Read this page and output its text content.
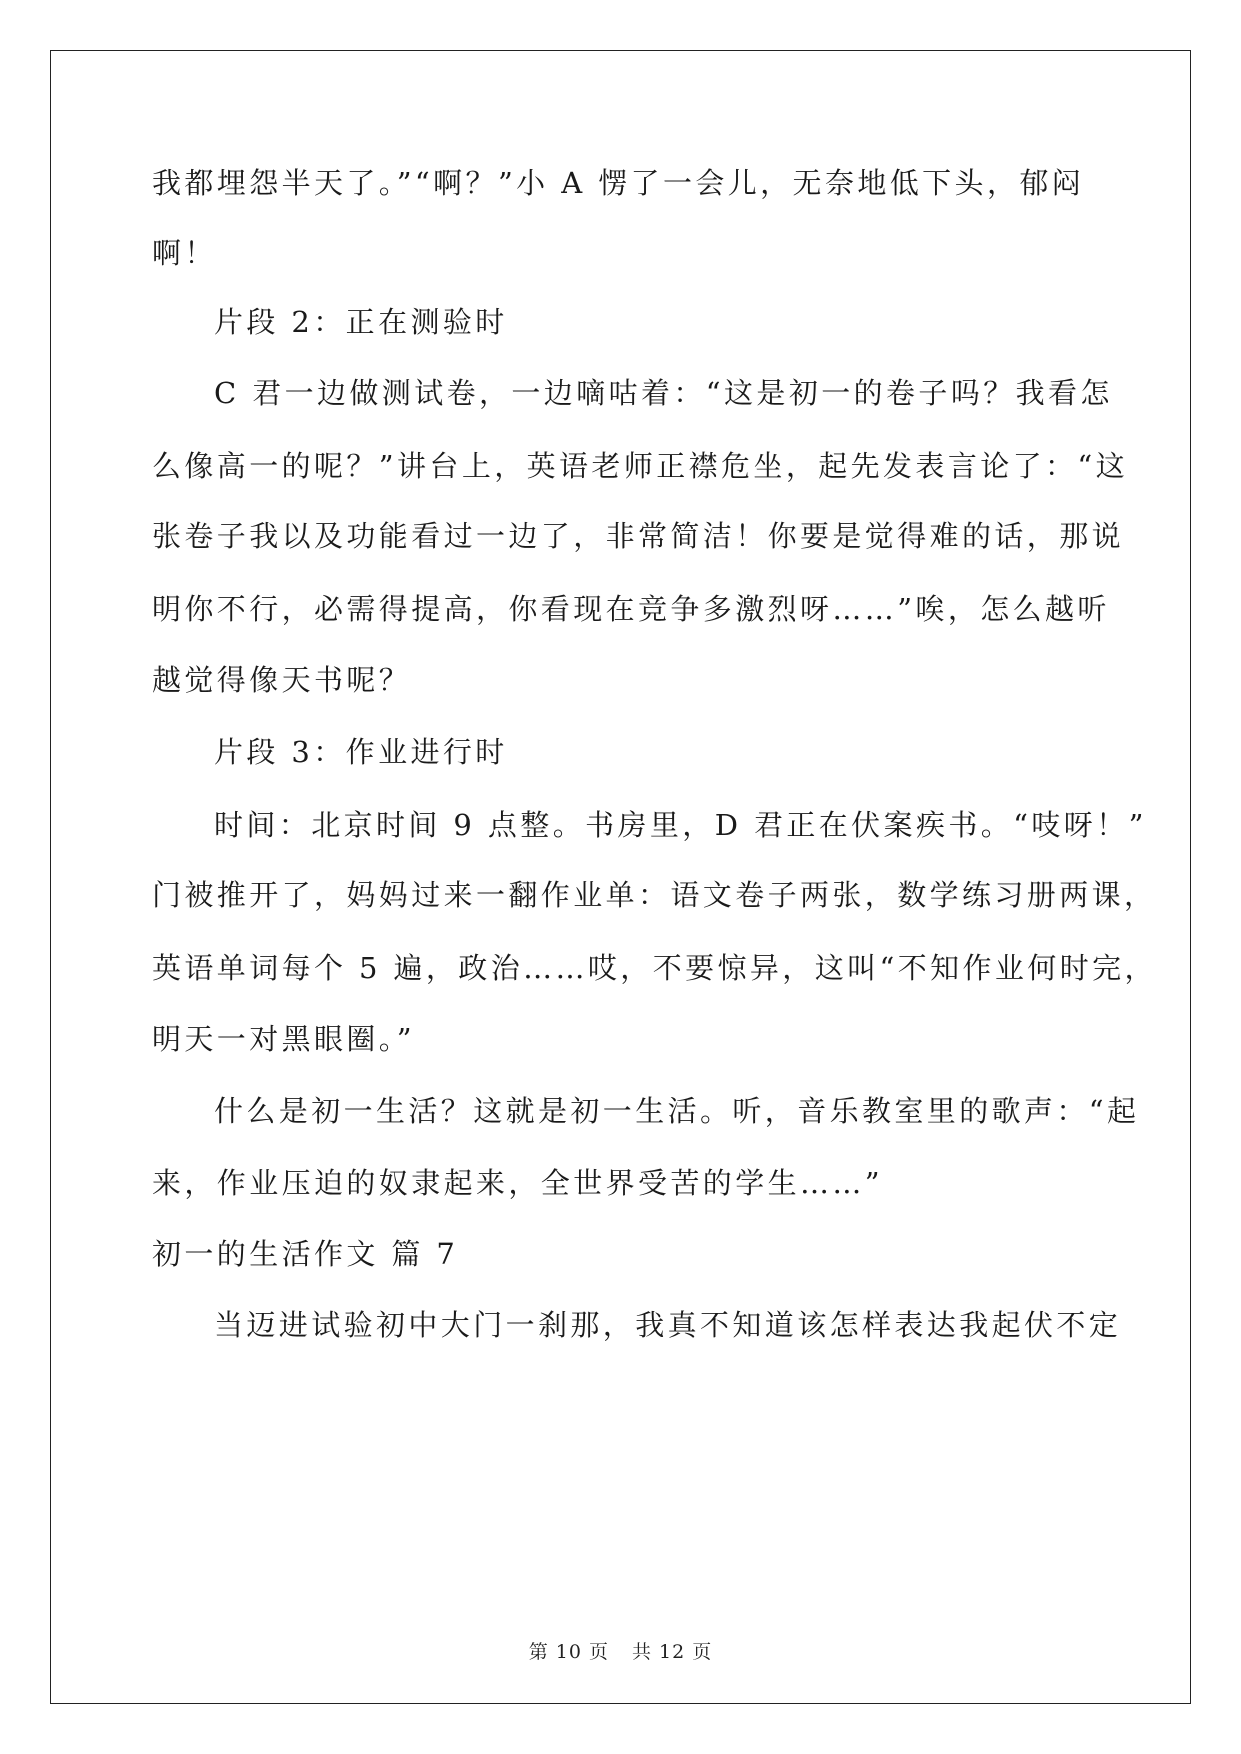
我都埋怨半天了。”“啊？”小 A 愣了一会儿，无奈地低下头，郁闷
啊！
片段 2：正在测验时
C 君一边做测试卷，一边嘀咕着：“这是初一的卷子吗？我看怎
么像高一的呢？”讲台上，英语老师正襟危坐，起先发表言论了：“这
张卷子我以及功能看过一边了，非常简洁！你要是觉得难的话，那说
明你不行，必需得提高，你看现在竞争多激烈呀……”唉，怎么越听
越觉得像天书呢？
片段 3：作业进行时
时间：北京时间 9 点整。书房里，D 君正在伏案疾书。“吱呀！”
门被推开了，妈妈过来一翻作业单：语文卷子两张，数学练习册两课，
英语单词每个 5 遍，政治……哎，不要惊异，这叫“不知作业何时完，
明天一对黑眼圈。”
什么是初一生活？这就是初一生活。听，音乐教室里的歌声：“起
来，作业压迫的奴隶起来，全世界受苦的学生……”
初一的生活作文 篇 7
当迈进试验初中大门一刹那，我真不知道该怎样表达我起伏不定
第 10 页 共 12 页
